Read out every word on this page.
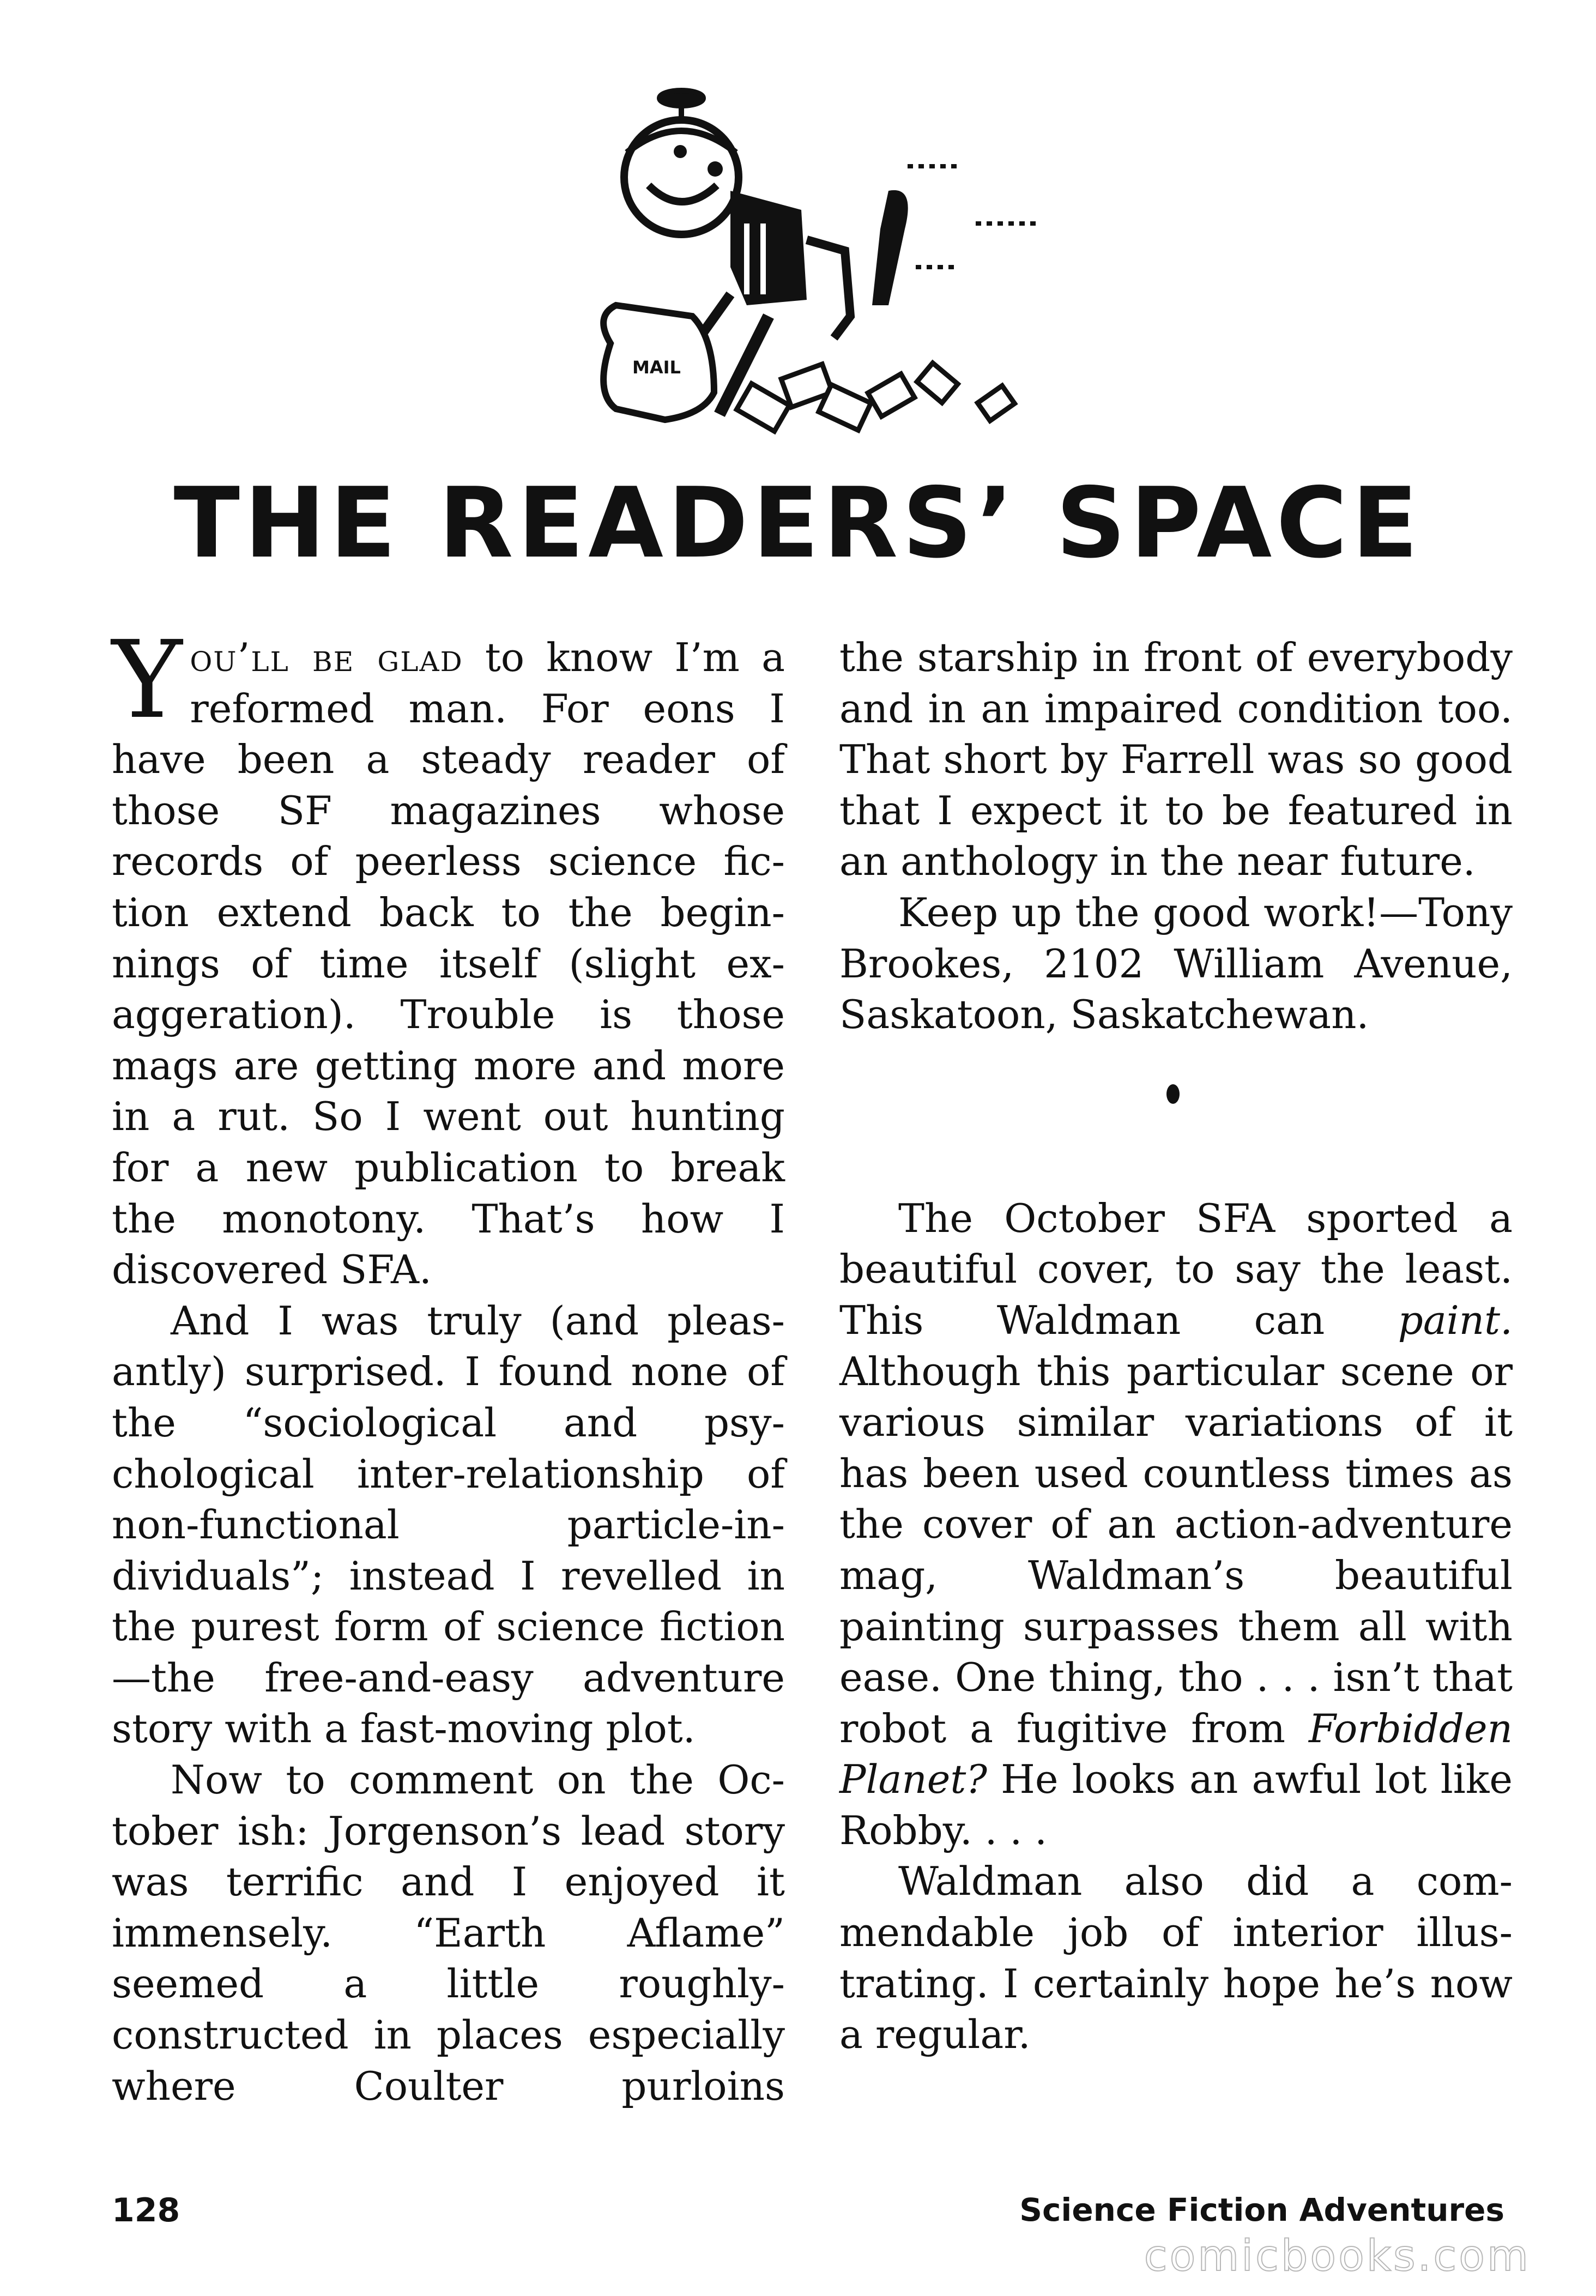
MAIL
THE READERS’ SPACE

You’ll be glad to know I’m a reformed man. For eons I have been a steady reader of those SF magazines whose records of peerless science fiction extend back to the beginnings of time itself (slight exaggeration). Trouble is those mags are getting more and more in a rut. So I went out hunting for a new publication to break the monotony. That’s how I discovered SFA.

And I was truly (and pleasantly) surprised. I found none of the “sociological and psychological inter-relationship of non-functional particle-individuals”; instead I revelled in the purest form of science fiction—the free-and-easy adventure story with a fast-moving plot.

Now to comment on the October ish: Jorgenson’s lead story was terrific and I enjoyed it immensely. “Earth Aflame” seemed a little roughly-constructed in places especially where Coulter purloins

the starship in front of everybody and in an impaired condition too. That short by Farrell was so good that I expect it to be featured in an anthology in the near future.

Keep up the good work!—Tony Brookes, 2102 William Avenue, Saskatoon, Saskatchewan.

The October SFA sported a beautiful cover, to say the least. This Waldman can paint. Although this particular scene or various similar variations of it has been used countless times as the cover of an action-adventure mag, Waldman’s beautiful painting surpasses them all with ease. One thing, tho . . . isn’t that robot a fugitive from Forbidden Planet? He looks an awful lot like Robby. . . .

Waldman also did a commendable job of interior illustrating. I certainly hope he’s now a regular.

128	Science Fiction Adventures
comicbooks.com
